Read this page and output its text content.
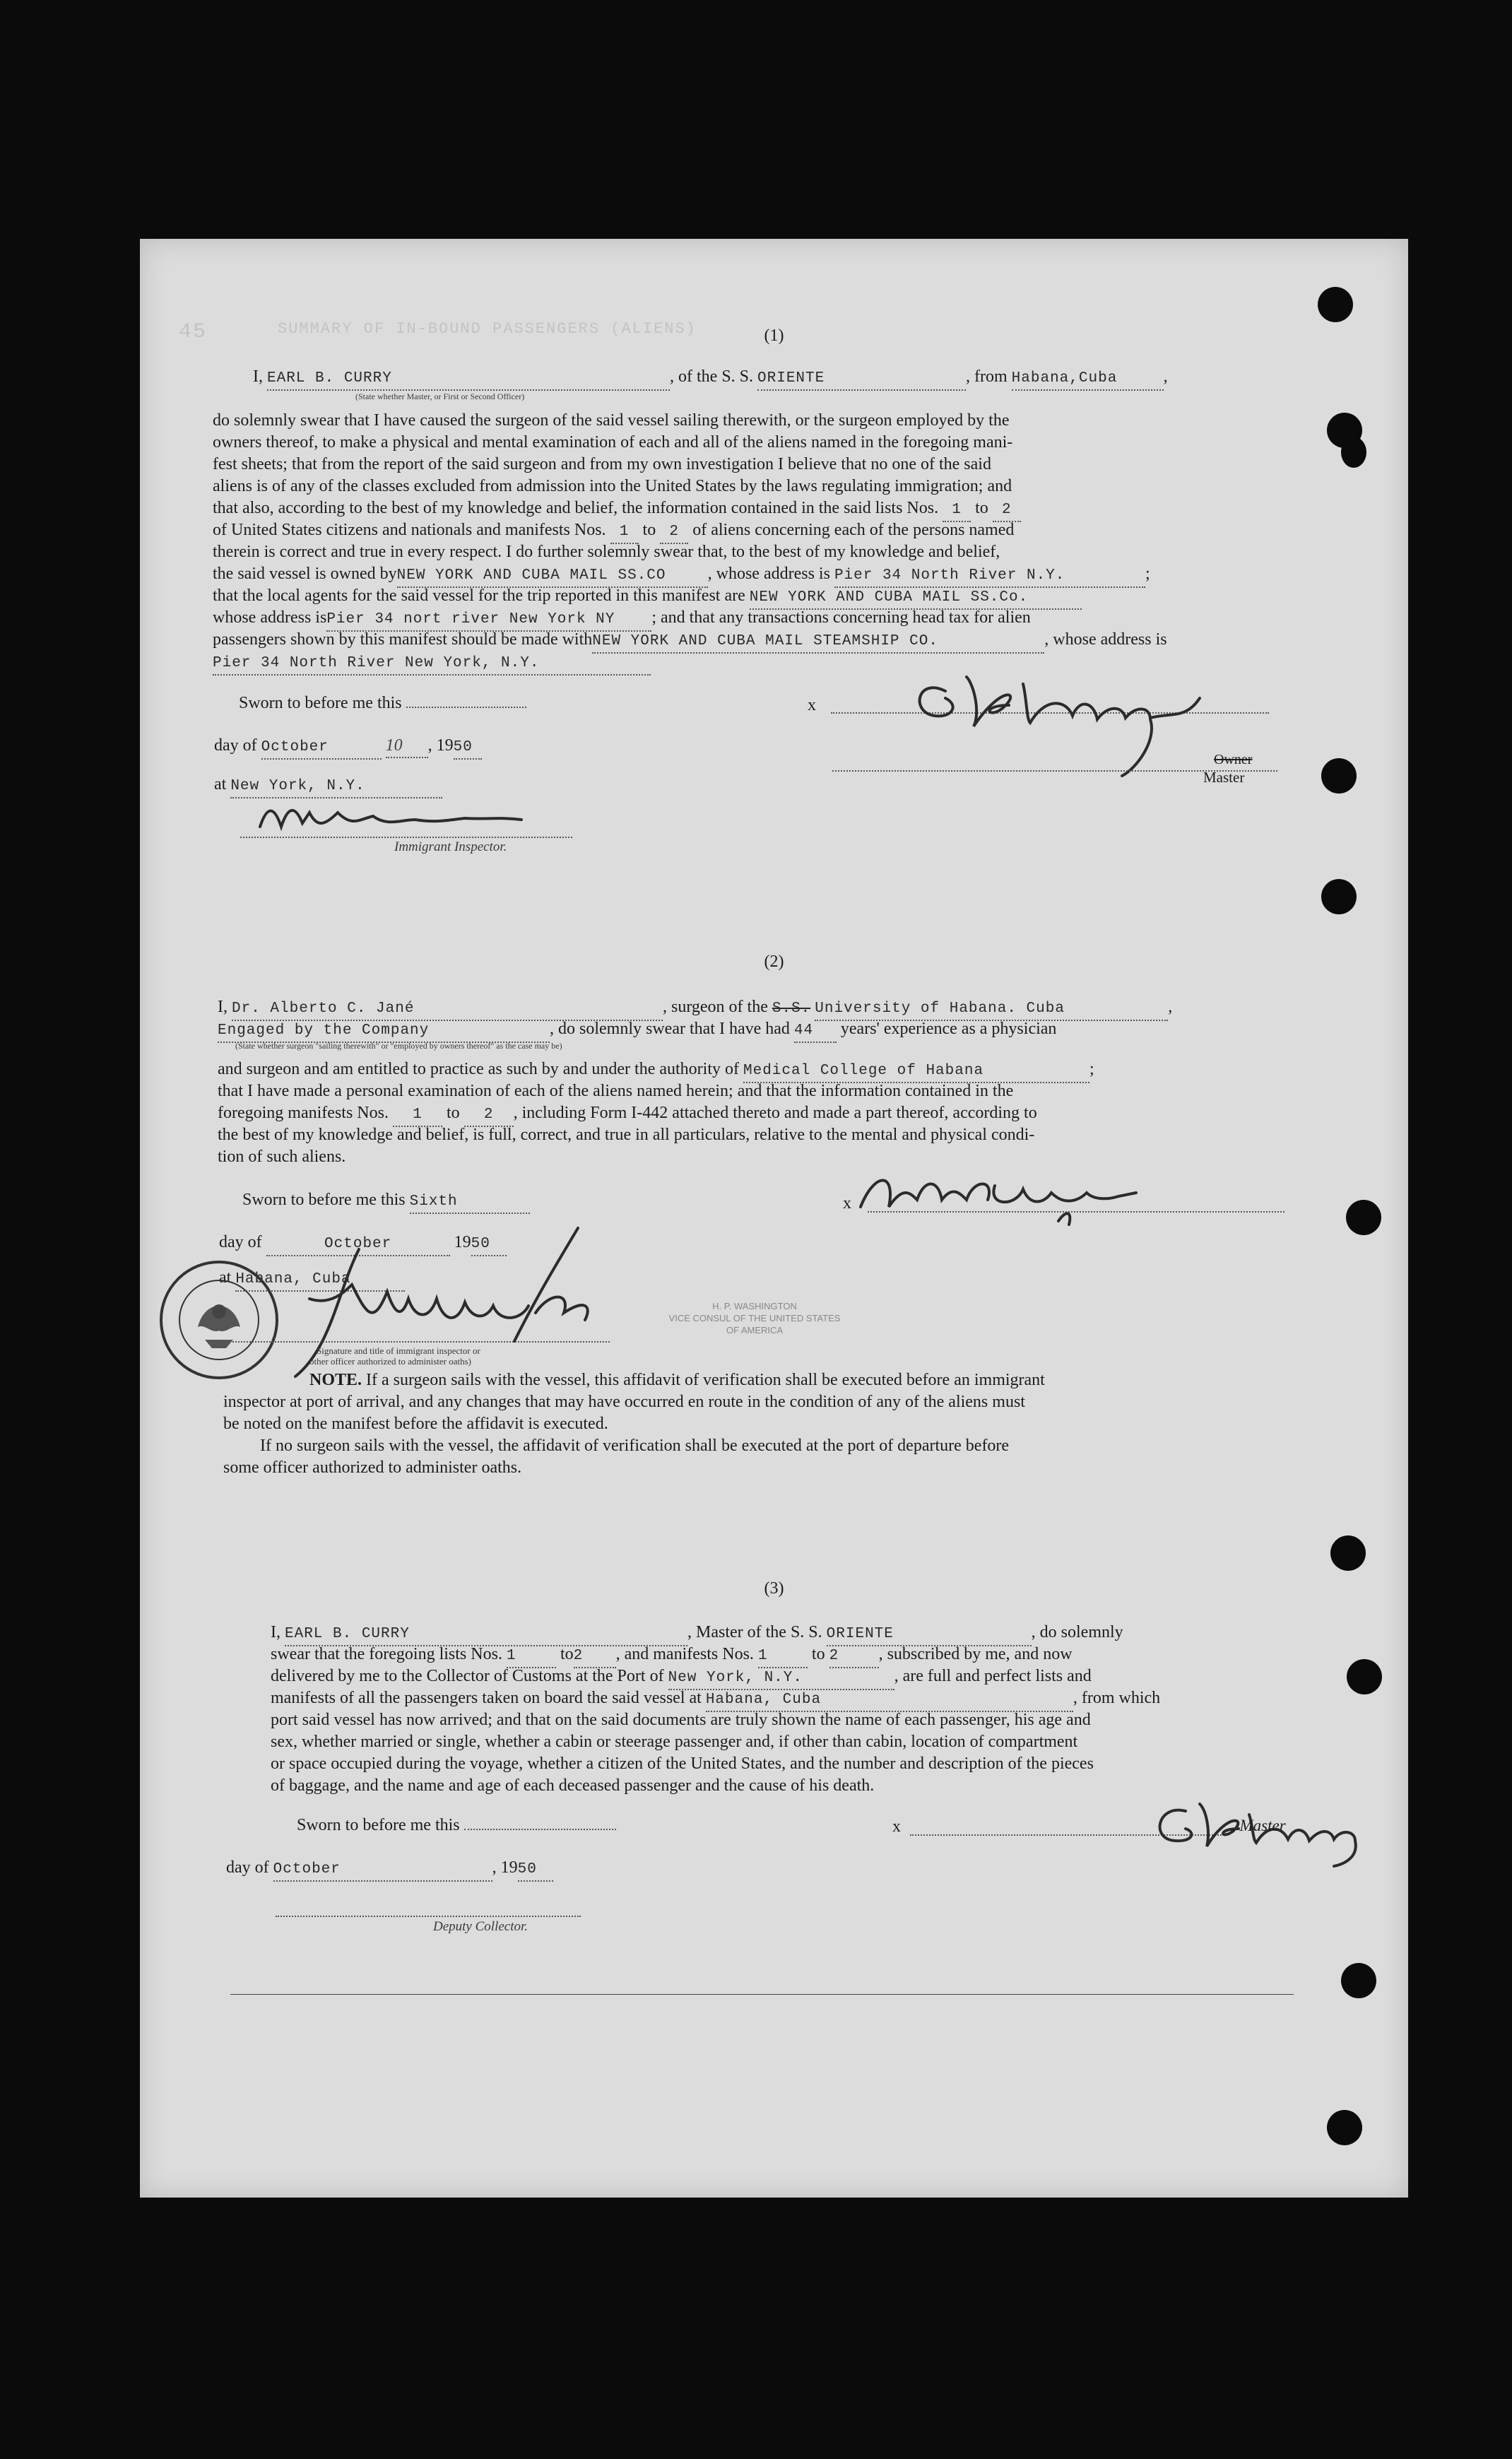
SUMMARY OF IN-BOUND PASSENGERS (ALIENS)
45	(1)
I, EARL B. CURRY	, of the S. S. ORIENTE	, from Habana,Cuba	,
(State whether Master, or First or Second Officer)
do solemnly swear that I have caused the surgeon of the said vessel sailing therewith, or the surgeon employed by the
owners thereof, to make a physical and mental examination of each and all of the aliens named in the foregoing mani-
fest sheets; that from the report of the said surgeon and from my own investigation I believe that no one of the said
aliens is of any of the classes excluded from admission into the United States by the laws regulating immigration; and
that also, according to the best of my knowledge and belief, the information contained in the said lists Nos. 1 to 2
of United States citizens and nationals and manifests Nos. 1 to 2 of aliens concerning each of the persons named
therein is correct and true in every respect. I do further solemnly swear that, to the best of my knowledge and belief,
the said vessel is owned byNEW YORK AND CUBA MAIL SS.CO , whose address is Pier 34 North River N.Y.	;
that the local agents for the said vessel for the trip reported in this manifest are NEW YORK AND CUBA MAIL SS.Co.
whose address isPier 34 nort river New York NY ; and that any transactions concerning head tax for alien
passengers shown by this manifest should be made withNEW YORK AND CUBA MAIL STEAMSHIP CO.	, whose address is
Pier 34 North River New York, N.Y.
Sworn to before me this	x
day of October	10 , 1950
Owner
Master
at New York, N.Y.
Immigrant Inspector.
(2)
I, Dr. Alberto C. Jané	, surgeon of the S.S. University of Habana. Cuba	,
Engaged by the Company	, do solemnly swear that I have had 44 years' experience as a physician
(State whether surgeon "sailing therewith" or "employed by owners thereof" as the case may be)
and surgeon and am entitled to practice as such by and under the authority of Medical College of Habana	;
that I have made a personal examination of each of the aliens named herein; and that the information contained in the
foregoing manifests Nos. 1 to 2 , including Form I-442 attached thereto and made a part thereof, according to
the best of my knowledge and belief, is full, correct, and true in all particulars, relative to the mental and physical condi-
tion of such aliens.
Sworn to before me this Sixth	x
day of	October	1950
at Habana, Cuba
Signature and title of immigrant inspector or
other officer authorized to administer oaths)
H. P. WASHINGTON
VICE CONSUL OF THE UNITED STATES
OF AMERICA
NOTE. If a surgeon sails with the vessel, this affidavit of verification shall be executed before an immigrant
inspector at port of arrival, and any changes that may have occurred en route in the condition of any of the aliens must
be noted on the manifest before the affidavit is executed.
If no surgeon sails with the vessel, the affidavit of verification shall be executed at the port of departure before
some officer authorized to administer oaths.
(3)
I, EARL B. CURRY	, Master of the S. S. ORIENTE	, do solemnly
swear that the foregoing lists Nos. 1	to2 , and manifests Nos. 1	to 2 , subscribed by me, and now
delivered by me to the Collector of Customs at the Port of New York, N.Y.	, are full and perfect lists and
manifests of all the passengers taken on board the said vessel at Habana, Cuba	, from which
port said vessel has now arrived; and that on the said documents are truly shown the name of each passenger, his age and
sex, whether married or single, whether a cabin or steerage passenger and, if other than cabin, location of compartment
or space occupied during the voyage, whether a citizen of the United States, and the number and description of the pieces
of baggage, and the name and age of each deceased passenger and the cause of his death.
Sworn to before me this	x	, Master
day of October	, 1950
Deputy Collector.
